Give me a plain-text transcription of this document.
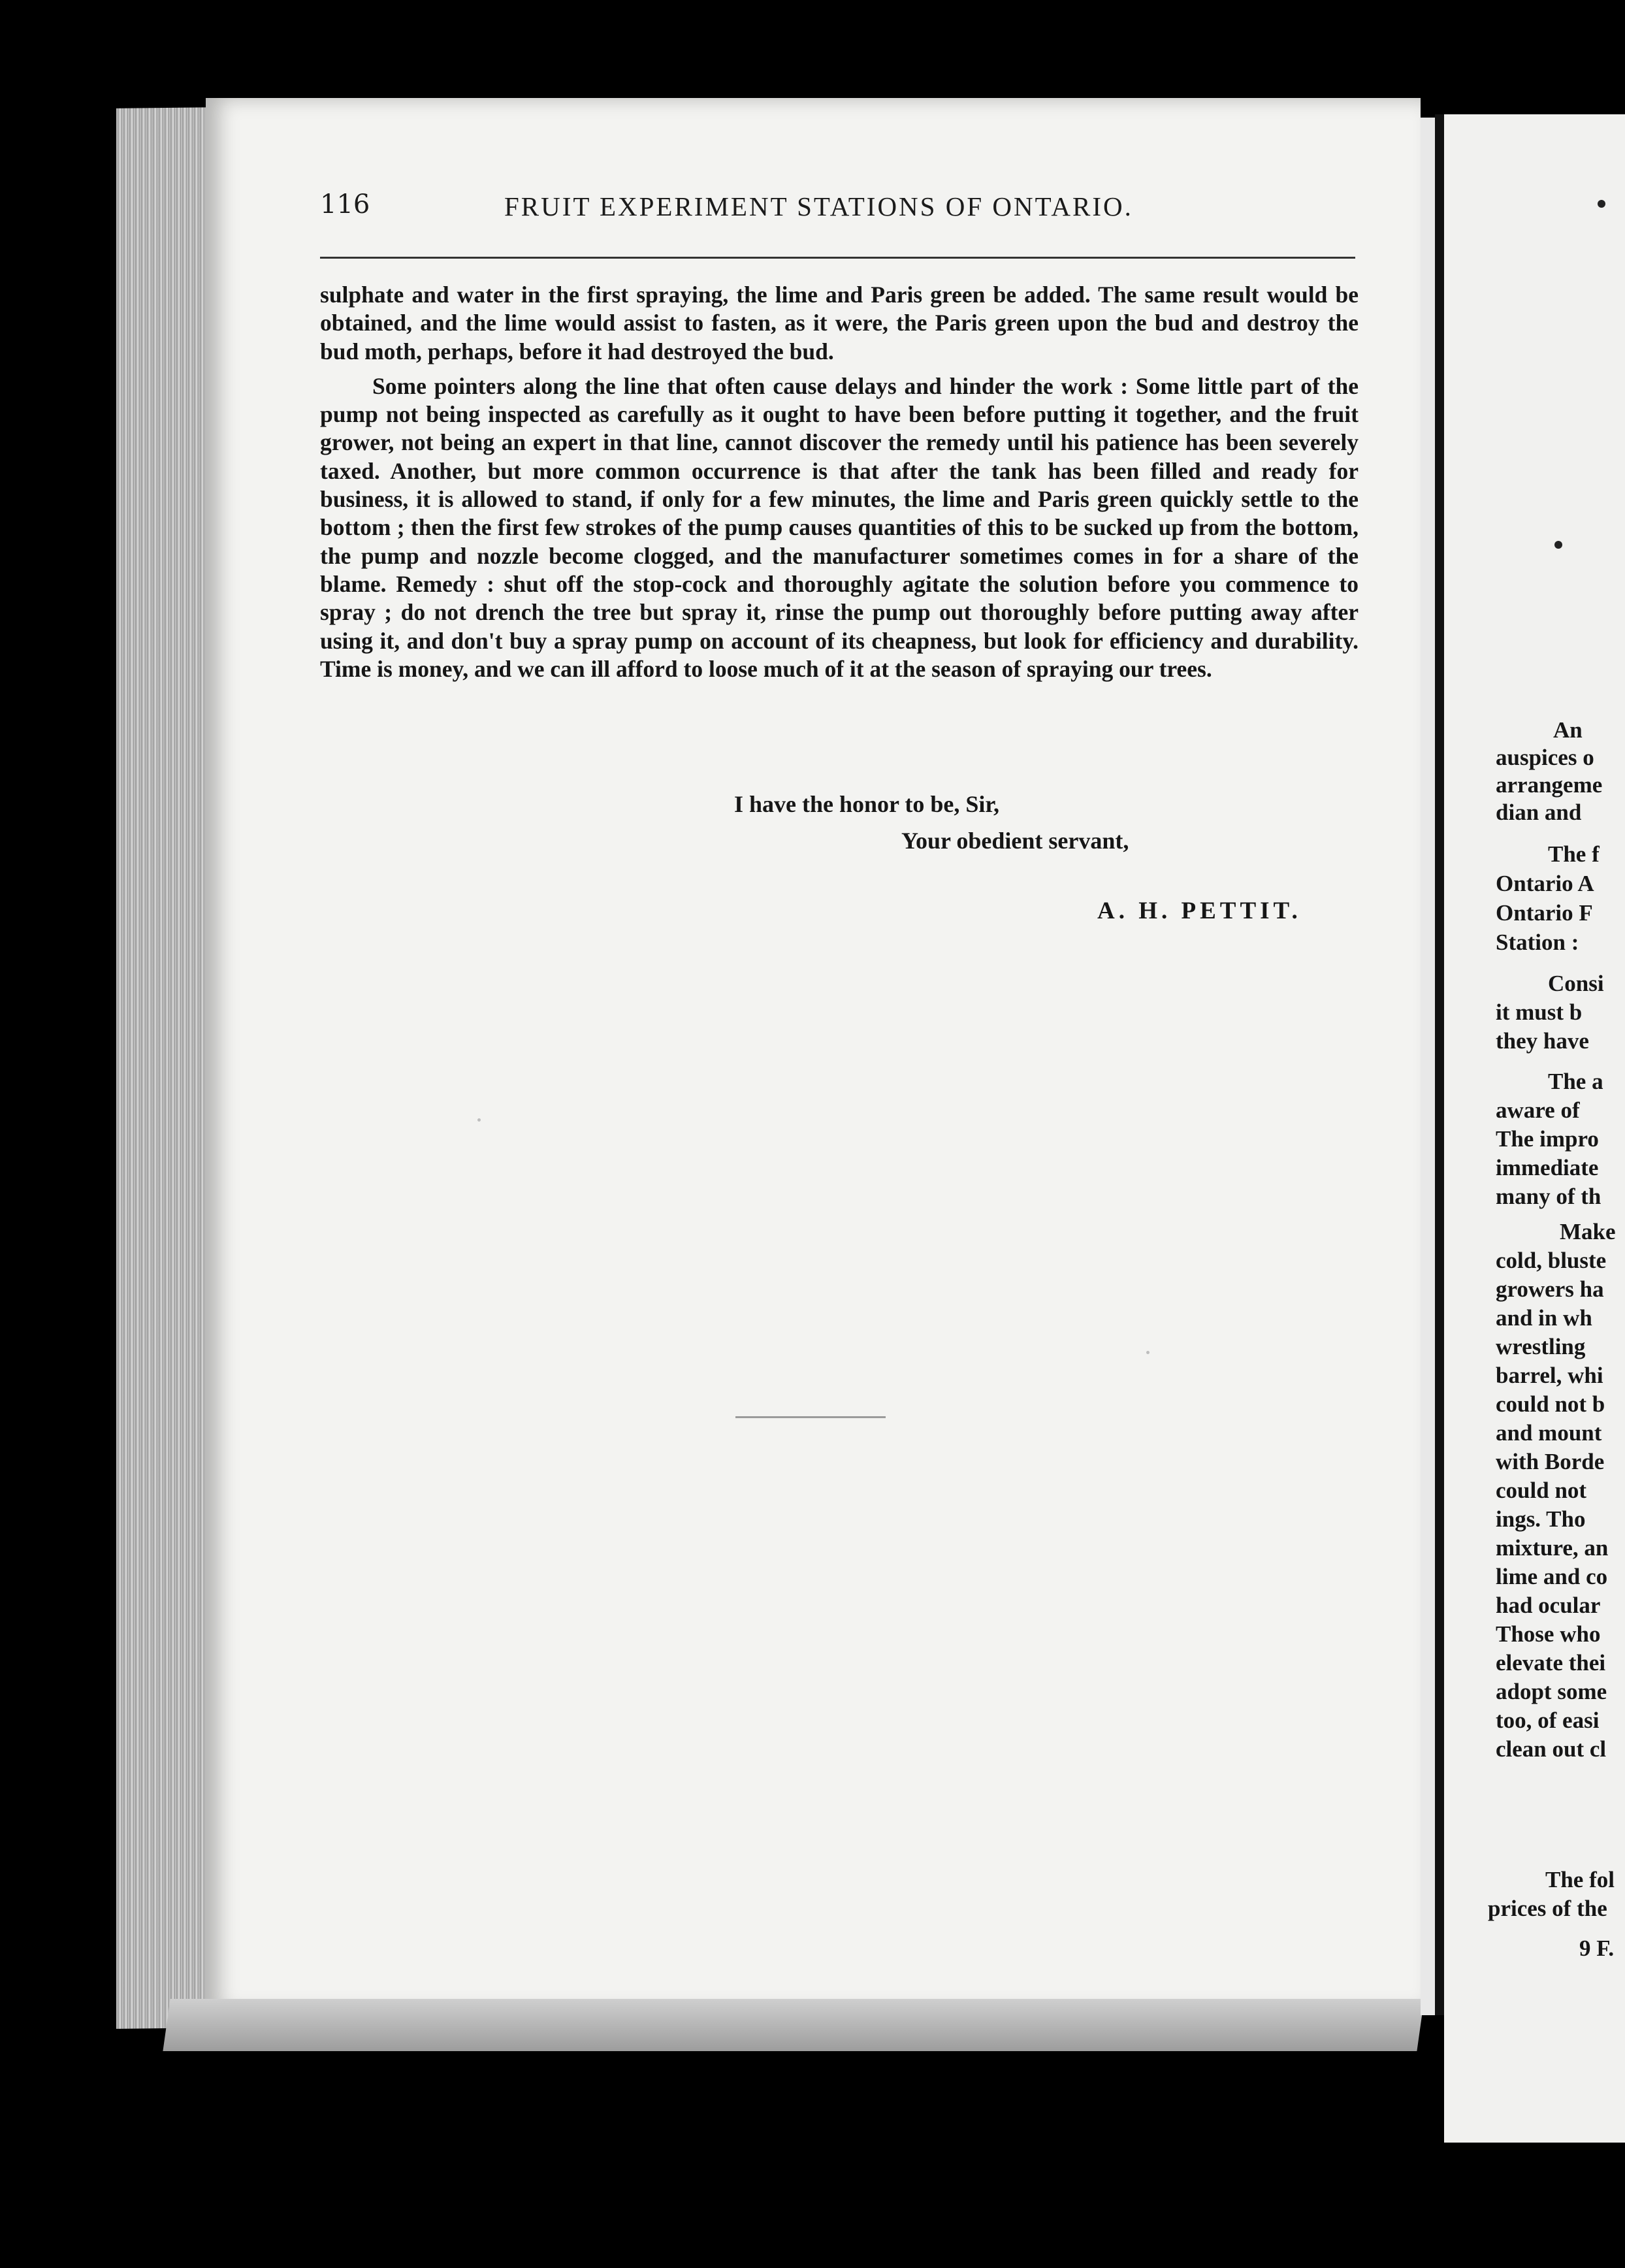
116	FRUIT EXPERIMENT STATIONS OF ONTARIO.

sulphate and water in the first spraying, the lime and Paris green be added. The same result would be obtained, and the lime would assist to fasten, as it were, the Paris green upon the bud and destroy the bud moth, perhaps, before it had destroyed the bud.

Some pointers along the line that often cause delays and hinder the work : Some little part of the pump not being inspected as carefully as it ought to have been before putting it together, and the fruit grower, not being an expert in that line, cannot discover the remedy until his patience has been severely taxed. Another, but more common occurrence is that after the tank has been filled and ready for business, it is allowed to stand, if only for a few minutes, the lime and Paris green quickly settle to the bottom ; then the first few strokes of the pump causes quantities of this to be sucked up from the bottom, the pump and nozzle become clogged, and the manufacturer sometimes comes in for a share of the blame. Remedy : shut off the stop-cock and thoroughly agitate the solution before you commence to spray ; do not drench the tree but spray it, rinse the pump out thoroughly before putting away after using it, and don't buy a spray pump on account of its cheapness, but look for efficiency and durability. Time is money, and we can ill afford to loose much of it at the season of spraying our trees.

I have the honor to be, Sir,
Your obedient servant,
A. H. PETTIT.

An

auspices o

arrangeme

dian and

The f

Ontario A

Ontario F

Station :

Consi

it must b

they have

The a

aware of

The impro

immediate

many of th

Make

cold, bluste

growers ha

and in wh

wrestling

barrel, whi

could not b

and mount

with Borde

could not

ings. Tho

mixture, an

lime and co

had ocular

Those who

elevate thei

adopt some

too, of easi

clean out cl

The fol

prices of the

9 F.
